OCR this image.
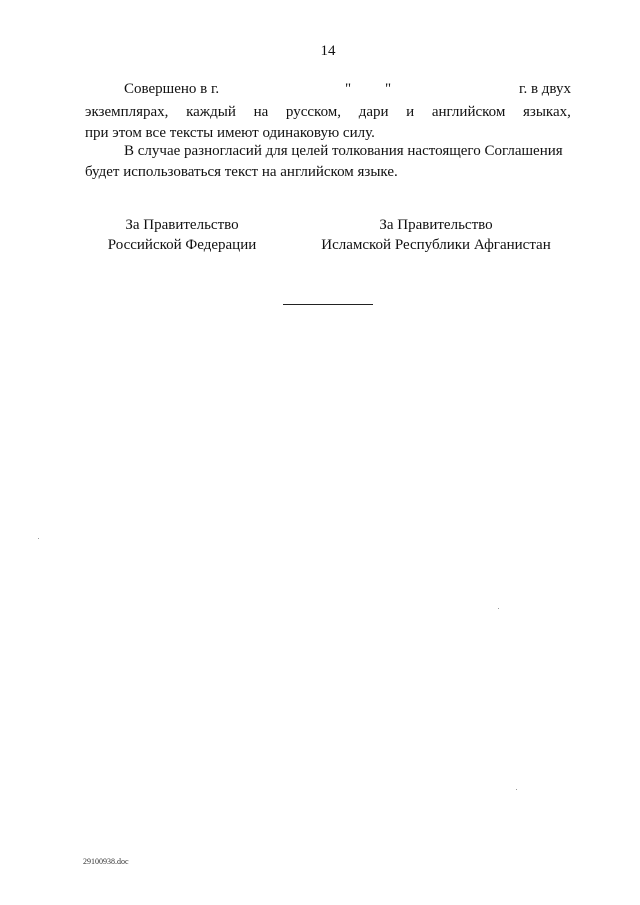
14
Совершено в г.	" "	г. в двух
экземплярах, каждый на русском, дари и английском языках,
при этом все тексты имеют одинаковую силу.
В случае разногласий для целей толкования настоящего Соглашения
будет использоваться текст на английском языке.
За Правительство
Российской Федерации
За Правительство
Исламской Республики Афганистан
29100938.doc
